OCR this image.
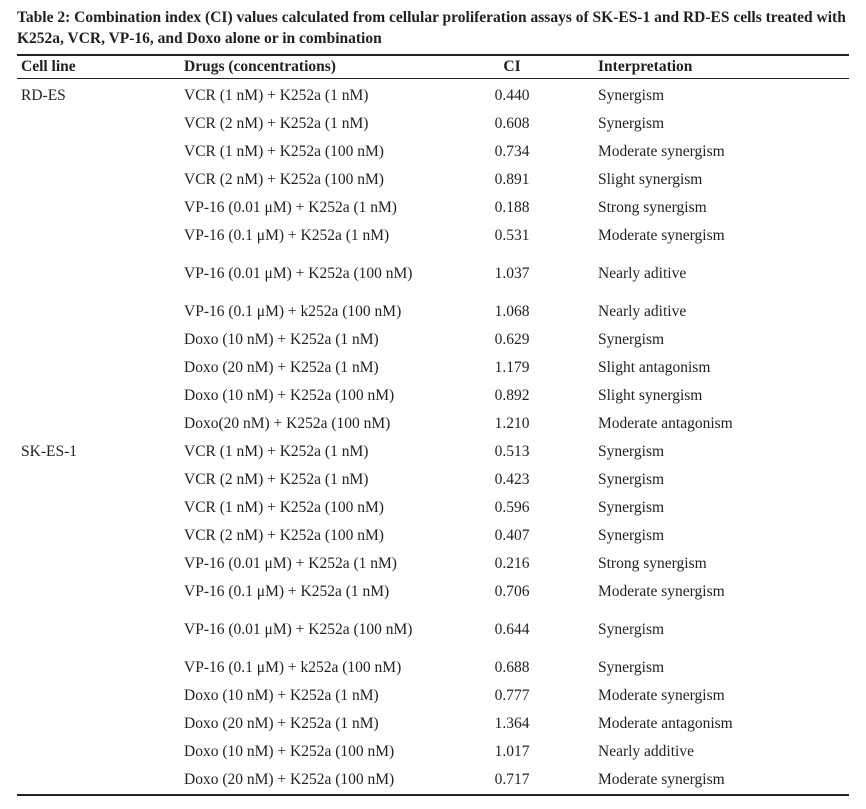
Table 2: Combination index (CI) values calculated from cellular proliferation assays of SK-ES-1 and RD-ES cells treated with K252a, VCR, VP-16, and Doxo alone or in combination
Cell line	Drugs (concentrations)	CI	Interpretation
RD-ES	VCR (1 nM) + K252a (1 nM)	0.440	Synergism
VCR (2 nM) + K252a (1 nM)	0.608	Synergism
VCR (1 nM) + K252a (100 nM)	0.734	Moderate synergism
VCR (2 nM) + K252a (100 nM)	0.891	Slight synergism
VP-16 (0.01 μM) + K252a (1 nM)	0.188	Strong synergism
VP-16 (0.1 μM) + K252a (1 nM)	0.531	Moderate synergism
VP-16 (0.01 μM) + K252a (100 nM)	1.037	Nearly aditive
VP-16 (0.1 μM) + k252a (100 nM)	1.068	Nearly aditive
Doxo (10 nM) + K252a (1 nM)	0.629	Synergism
Doxo (20 nM) + K252a (1 nM)	1.179	Slight antagonism
Doxo (10 nM) + K252a (100 nM)	0.892	Slight synergism
Doxo(20 nM) + K252a (100 nM)	1.210	Moderate antagonism
SK-ES-1	VCR (1 nM) + K252a (1 nM)	0.513	Synergism
VCR (2 nM) + K252a (1 nM)	0.423	Synergism
VCR (1 nM) + K252a (100 nM)	0.596	Synergism
VCR (2 nM) + K252a (100 nM)	0.407	Synergism
VP-16 (0.01 μM) + K252a (1 nM)	0.216	Strong synergism
VP-16 (0.1 μM) + K252a (1 nM)	0.706	Moderate synergism
VP-16 (0.01 μM) + K252a (100 nM)	0.644	Synergism
VP-16 (0.1 μM) + k252a (100 nM)	0.688	Synergism
Doxo (10 nM) + K252a (1 nM)	0.777	Moderate synergism
Doxo (20 nM) + K252a (1 nM)	1.364	Moderate antagonism
Doxo (10 nM) + K252a (100 nM)	1.017	Nearly additive
Doxo (20 nM) + K252a (100 nM)	0.717	Moderate synergism
